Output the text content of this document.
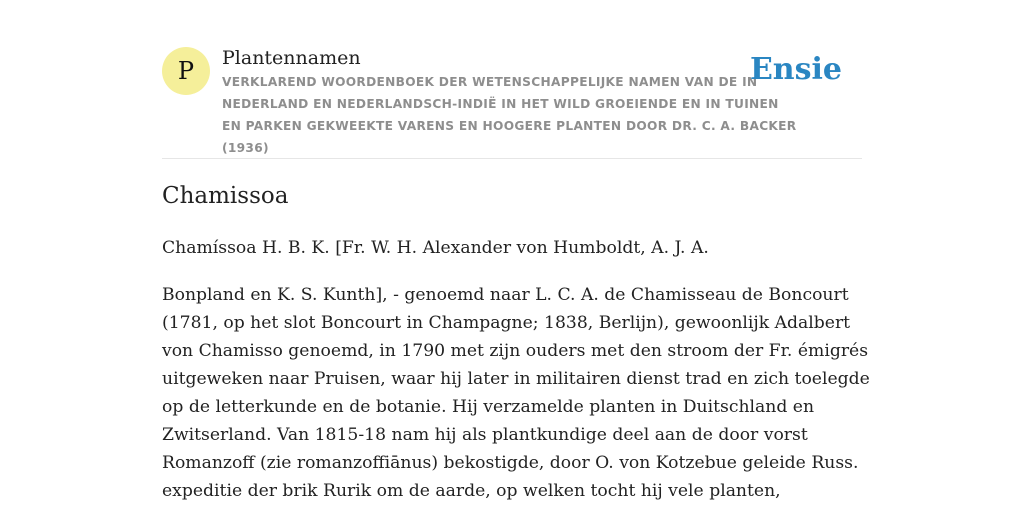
P	Plantennamen
VERKLAREND WOORDENBOEK DER WETENSCHAPPELIJKE NAMEN VAN DE IN NEDERLAND EN NEDERLANDSCH-INDIË IN HET WILD GROEIENDE EN IN TUINEN EN PARKEN GEKWEEKTE VARENS EN HOOGERE PLANTEN DOOR DR. C. A. BACKER (1936)
Ensie
Chamissoa

Chamíssoa H. B. K. [Fr. W. H. Alexander von Humboldt, A. J. A.

Bonpland en K. S. Kunth], - genoemd naar L. C. A. de Chamisseau de Boncourt
(1781, op het slot Boncourt in Champagne; 1838, Berlijn), gewoonlijk Adalbert
von Chamisso genoemd, in 1790 met zijn ouders met den stroom der Fr. émigrés
uitgeweken naar Pruisen, waar hij later in militairen dienst trad en zich toelegde
op de letterkunde en de botanie. Hij verzamelde planten in Duitschland en
Zwitserland. Van 1815-18 nam hij als plantkundige deel aan de door vorst
Romanzoff (zie romanzoffiānus) bekostigde, door O. von Kotzebue geleide Russ.
expeditie der brik Rurik om de aarde, op welken tocht hij vele planten,
